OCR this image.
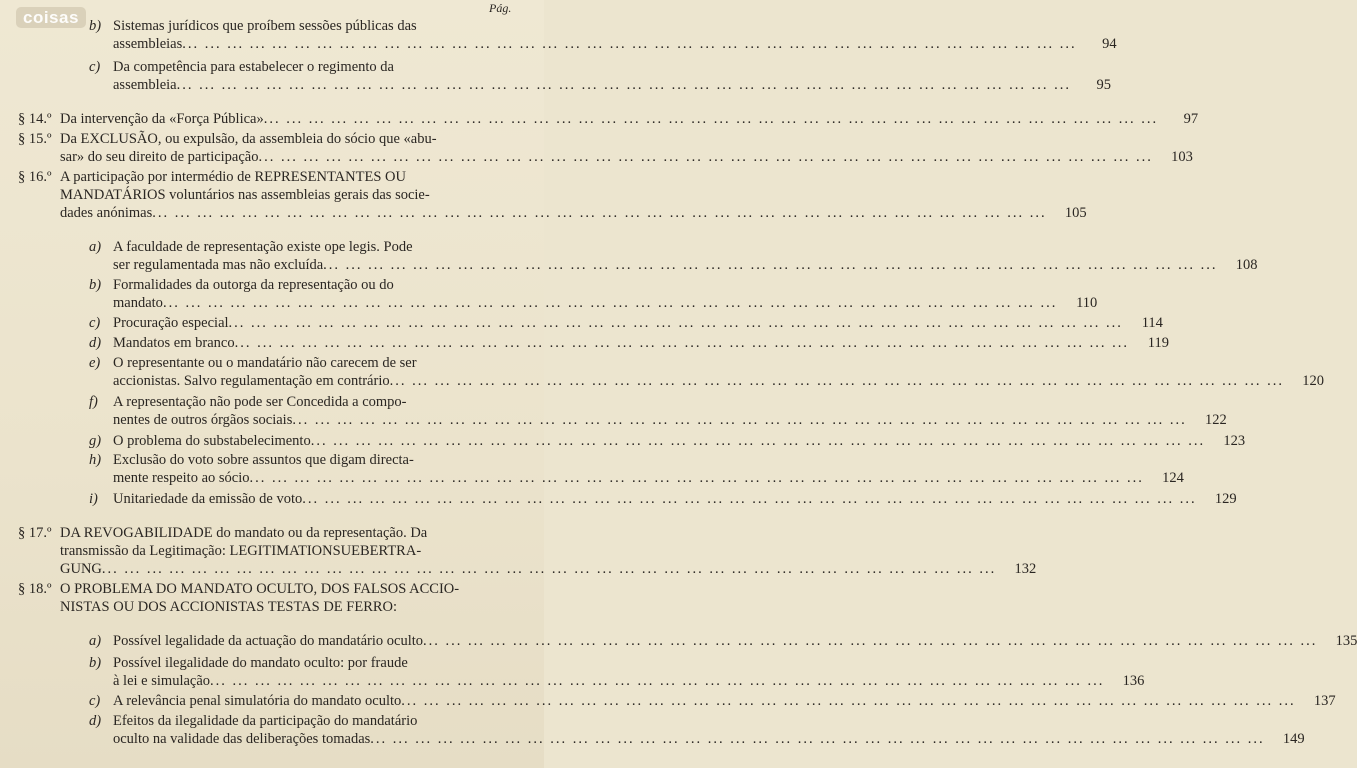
coisas	Pág.
b) Sistemas jurídicos que proíbem sessões públicas das
assembleias ... ... ... ... ... ... ... ... ... ... ... ... ... ... ... ... ... ... ... ... ... ... ... ... ... ... ... ... ... ... ... ... ... ... ... ... ... ... ... ...	94
c) Da competência para estabelecer o regimento da
assembleia ... ... ... ... ... ... ... ... ... ... ... ... ... ... ... ... ... ... ... ... ... ... ... ... ... ... ... ... ... ... ... ... ... ... ... ... ... ... ... ...	95
§ 14.º Da intervenção da «Força Pública» ... ... ... ... ... ... ... ... ... ... ... ... ... ... ... ... ... ... ... ... ... ... ... ... ... ... ... ... ... ... ... ... ... ... ... ... ... ... ... ...	97
§ 15.º Da EXCLUSÃO, ou expulsão, da assembleia do sócio que «abu-
sar» do seu direito de participação ... ... ... ... ... ... ... ... ... ... ... ... ... ... ... ... ... ... ... ... ... ... ... ... ... ... ... ... ... ... ... ... ... ... ... ... ... ... ... ...	103
§ 16.º A participação por intermédio de REPRESENTANTES OU
MANDATÁRIOS voluntários nas assembleias gerais das socie-
dades anónimas ... ... ... ... ... ... ... ... ... ... ... ... ... ... ... ... ... ... ... ... ... ... ... ... ... ... ... ... ... ... ... ... ... ... ... ... ... ... ... ...	105
a) A faculdade de representação existe ope legis. Pode
ser regulamentada mas não excluída ... ... ... ... ... ... ... ... ... ... ... ... ... ... ... ... ... ... ... ... ... ... ... ... ... ... ... ... ... ... ... ... ... ... ... ... ... ... ... ...	108
b) Formalidades da outorga da representação ou do
mandato ... ... ... ... ... ... ... ... ... ... ... ... ... ... ... ... ... ... ... ... ... ... ... ... ... ... ... ... ... ... ... ... ... ... ... ... ... ... ... ...	110
c) Procuração especial ... ... ... ... ... ... ... ... ... ... ... ... ... ... ... ... ... ... ... ... ... ... ... ... ... ... ... ... ... ... ... ... ... ... ... ... ... ... ... ...	114
d) Mandatos em branco ... ... ... ... ... ... ... ... ... ... ... ... ... ... ... ... ... ... ... ... ... ... ... ... ... ... ... ... ... ... ... ... ... ... ... ... ... ... ... ...	119
e) O representante ou o mandatário não carecem de ser
accionistas. Salvo regulamentação em contrário ... ... ... ... ... ... ... ... ... ... ... ... ... ... ... ... ... ... ... ... ... ... ... ... ... ... ... ... ... ... ... ... ... ... ... ... ... ... ... ...	120
f) A representação não pode ser Concedida a compo-
nentes de outros órgãos sociais ... ... ... ... ... ... ... ... ... ... ... ... ... ... ... ... ... ... ... ... ... ... ... ... ... ... ... ... ... ... ... ... ... ... ... ... ... ... ... ...	122
g) O problema do substabelecimento ... ... ... ... ... ... ... ... ... ... ... ... ... ... ... ... ... ... ... ... ... ... ... ... ... ... ... ... ... ... ... ... ... ... ... ... ... ... ... ...	123
h) Exclusão do voto sobre assuntos que digam directa-
mente respeito ao sócio ... ... ... ... ... ... ... ... ... ... ... ... ... ... ... ... ... ... ... ... ... ... ... ... ... ... ... ... ... ... ... ... ... ... ... ... ... ... ... ...	124
i) Unitariedade da emissão de voto ... ... ... ... ... ... ... ... ... ... ... ... ... ... ... ... ... ... ... ... ... ... ... ... ... ... ... ... ... ... ... ... ... ... ... ... ... ... ... ...	129
§ 17.º DA REVOGABILIDADE do mandato ou da representação. Da
transmissão da Legitimação: LEGITIMATIONSUEBERTRA-
GUNG ... ... ... ... ... ... ... ... ... ... ... ... ... ... ... ... ... ... ... ... ... ... ... ... ... ... ... ... ... ... ... ... ... ... ... ... ... ... ... ...	132
§ 18.º O PROBLEMA DO MANDATO OCULTO, DOS FALSOS ACCIO-
NISTAS OU DOS ACCIONISTAS TESTAS DE FERRO:
a) Possível legalidade da actuação do mandatário oculto ... ... ... ... ... ... ... ... ... ... ... ... ... ... ... ... ... ... ... ... ... ... ... ... ... ... ... ... ... ... ... ... ... ... ... ... ... ... ... ...	135
b) Possível ilegalidade do mandato oculto: por fraude
à lei e simulação ... ... ... ... ... ... ... ... ... ... ... ... ... ... ... ... ... ... ... ... ... ... ... ... ... ... ... ... ... ... ... ... ... ... ... ... ... ... ... ...	136
c) A relevância penal simulatória do mandato oculto ... ... ... ... ... ... ... ... ... ... ... ... ... ... ... ... ... ... ... ... ... ... ... ... ... ... ... ... ... ... ... ... ... ... ... ... ... ... ... ...	137
d) Efeitos da ilegalidade da participação do mandatário
oculto na validade das deliberações tomadas ... ... ... ... ... ... ... ... ... ... ... ... ... ... ... ... ... ... ... ... ... ... ... ... ... ... ... ... ... ... ... ... ... ... ... ... ... ... ... ...	149
